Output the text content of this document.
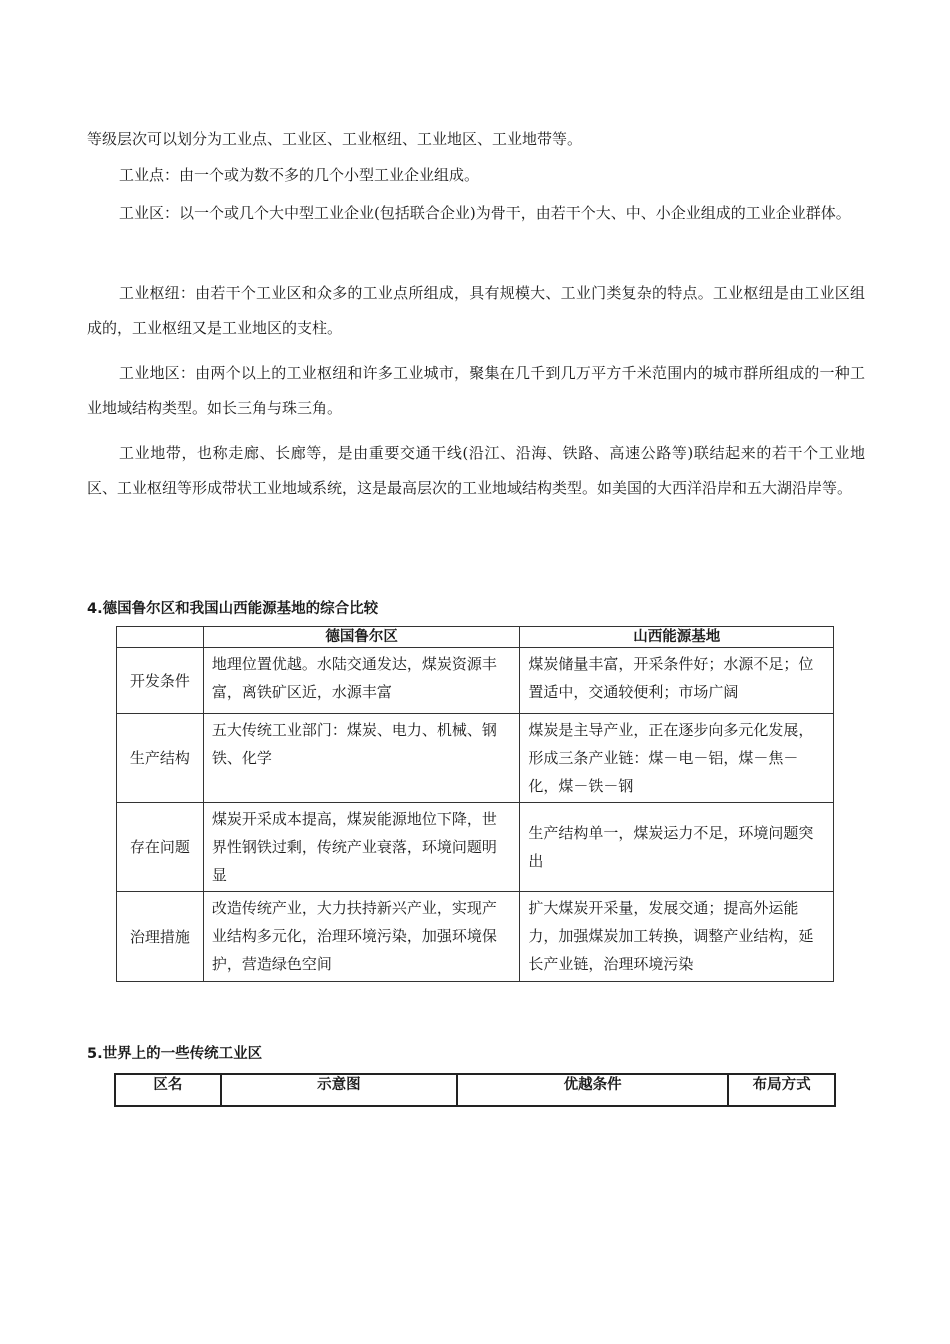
等级层次可以划分为工业点、工业区、工业枢纽、工业地区、工业地带等。

工业点：由一个或为数不多的几个小型工业企业组成。

工业区：以一个或几个大中型工业企业(包括联合企业)为骨干，由若干个大、中、小企业组成的工业企业群体。

工业枢纽：由若干个工业区和众多的工业点所组成，具有规模大、工业门类复杂的特点。工业枢纽是由工业区组成的，工业枢纽又是工业地区的支柱。

工业地区：由两个以上的工业枢纽和许多工业城市，聚集在几千到几万平方千米范围内的城市群所组成的一种工业地域结构类型。如长三角与珠三角。

工业地带，也称走廊、长廊等，是由重要交通干线(沿江、沿海、铁路、高速公路等)联结起来的若干个工业地区、工业枢纽等形成带状工业地域系统，这是最高层次的工业地域结构类型。如美国的大西洋沿岸和五大湖沿岸等。

4.德国鲁尔区和我国山西能源基地的综合比较

	德国鲁尔区	山西能源基地
开发条件	地理位置优越。水陆交通发达，煤炭资源丰富，离铁矿区近，水源丰富	煤炭储量丰富，开采条件好；水源不足；位置适中，交通较便利；市场广阔
生产结构	五大传统工业部门：煤炭、电力、机械、钢铁、化学	煤炭是主导产业，正在逐步向多元化发展，形成三条产业链：煤－电－铝，煤－焦－化，煤－铁－钢
存在问题	煤炭开采成本提高，煤炭能源地位下降，世界性钢铁过剩，传统产业衰落，环境问题明显	生产结构单一，煤炭运力不足，环境问题突出
治理措施	改造传统产业，大力扶持新兴产业，实现产业结构多元化，治理环境污染，加强环境保护，营造绿色空间	扩大煤炭开采量，发展交通；提高外运能力，加强煤炭加工转换，调整产业结构，延长产业链，治理环境污染

5.世界上的一些传统工业区

区名	示意图	优越条件	布局方式
